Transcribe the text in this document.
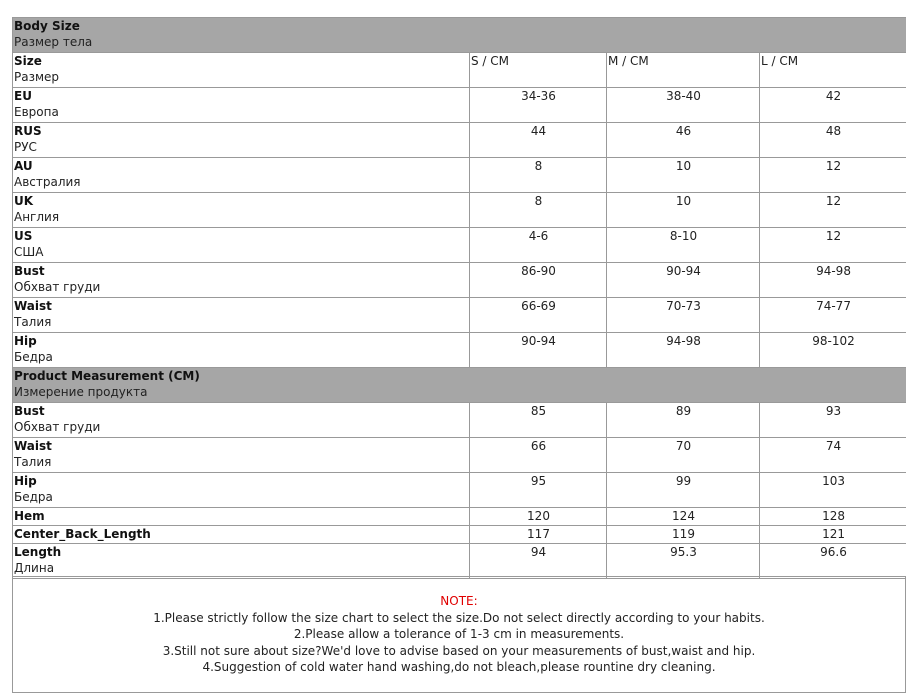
Body Size
Размер тела			

Size
Размер	S / CM	M / CM	L / CM

EU
Европа	34-36	38-40	42

RUS
РУС	44	46	48

AU
Австралия	8	10	12

UK
Англия	8	10	12

US
США	4-6	8-10	12

Bust
Обхват груди	86-90	90-94	94-98

Waist
Талия	66-69	70-73	74-77

Hip
Бедра	90-94	94-98	98-102

Product Measurement (CM)
Измерение продукта			

Bust
Обхват груди	85	89	93

Waist
Талия	66	70	74

Hip
Бедра	95	99	103

Hem	120	124	128

Center_Back_Length	117	119	121

Length
Длина	94	95.3	96.6
NOTE:
1.Please strictly follow the size chart to select the size.Do not select directly according to your habits.
2.Please allow a tolerance of 1-3 cm in measurements.
3.Still not sure about size?We'd love to advise based on your measurements of bust,waist and hip.
4.Suggestion of cold water hand washing,do not bleach,please rountine dry cleaning.
